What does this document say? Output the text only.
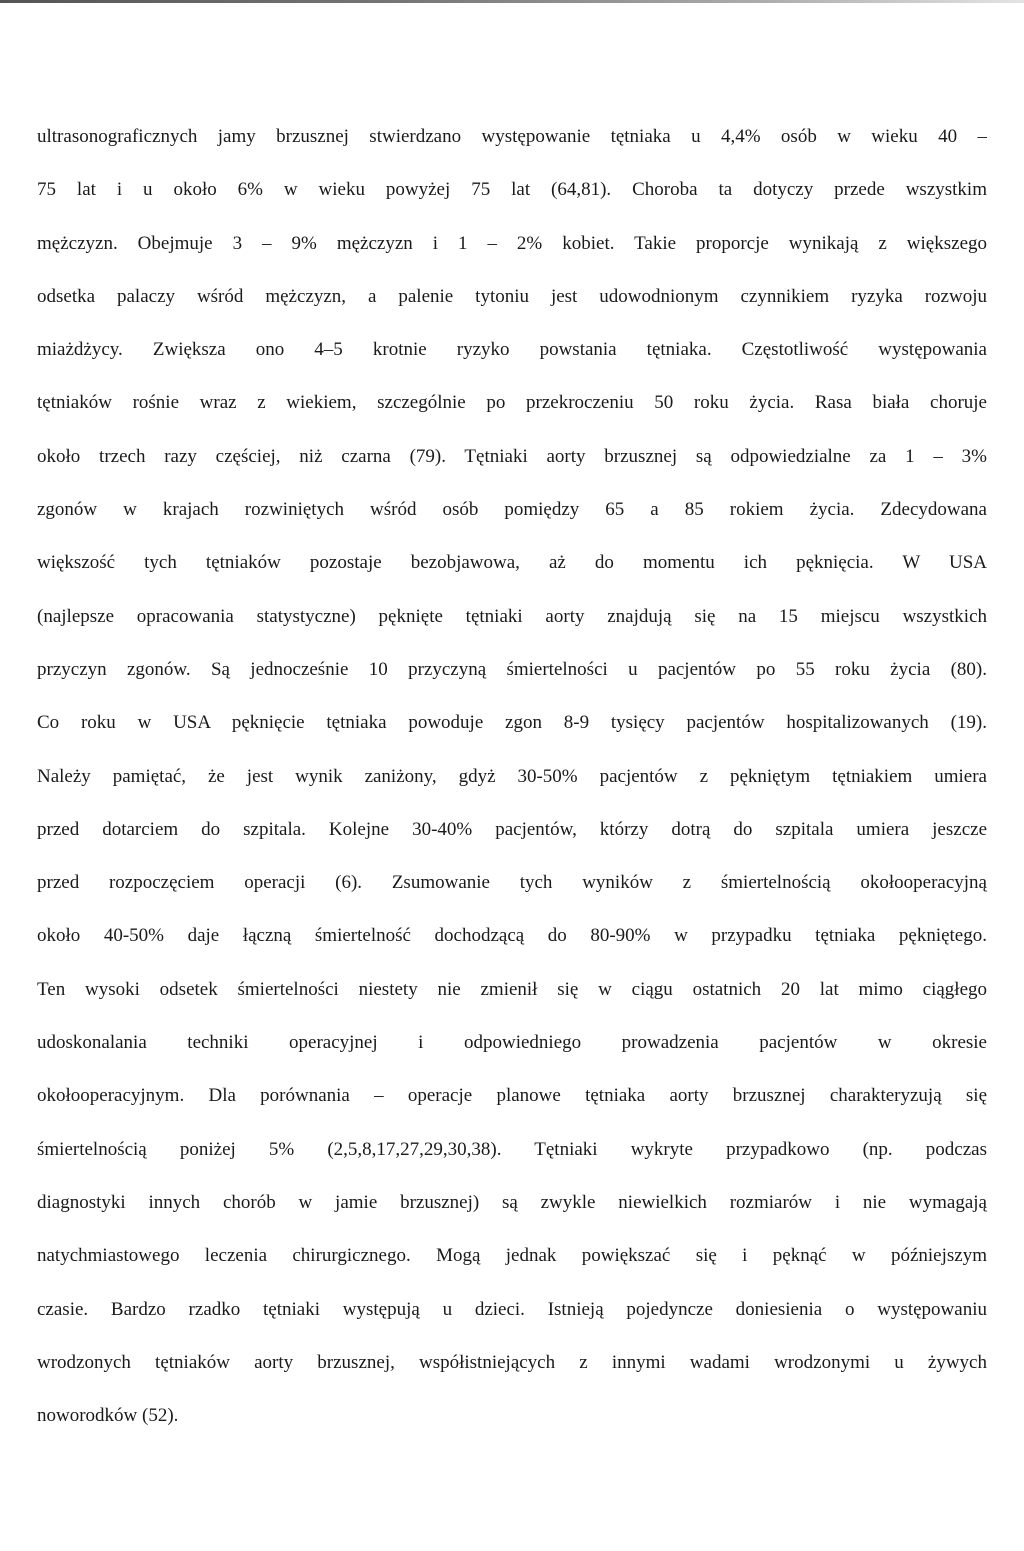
ultrasonograficznych jamy brzusznej stwierdzano występowanie tętniaka u 4,4% osób w wieku 40 –
75 lat i u około 6% w wieku powyżej 75 lat (64,81). Choroba ta dotyczy przede wszystkim
mężczyzn. Obejmuje 3 – 9% mężczyzn i 1 – 2% kobiet. Takie proporcje wynikają z większego
odsetka palaczy wśród mężczyzn, a palenie tytoniu jest udowodnionym czynnikiem ryzyka rozwoju
miażdżycy. Zwiększa ono 4–5 krotnie ryzyko powstania tętniaka. Częstotliwość występowania
tętniaków rośnie wraz z wiekiem, szczególnie po przekroczeniu 50 roku życia. Rasa biała choruje
około trzech razy częściej, niż czarna (79). Tętniaki aorty brzusznej są odpowiedzialne za 1 – 3%
zgonów w krajach rozwiniętych wśród osób pomiędzy 65 a 85 rokiem życia. Zdecydowana
większość tych tętniaków pozostaje bezobjawowa, aż do momentu ich pęknięcia. W USA
(najlepsze opracowania statystyczne) pęknięte tętniaki aorty znajdują się na 15 miejscu wszystkich
przyczyn zgonów. Są jednocześnie 10 przyczyną śmiertelności u pacjentów po 55 roku życia (80).
Co roku w USA pęknięcie tętniaka powoduje zgon 8-9 tysięcy pacjentów hospitalizowanych (19).
Należy pamiętać, że jest wynik zaniżony, gdyż 30-50% pacjentów z pękniętym tętniakiem umiera
przed dotarciem do szpitala. Kolejne 30-40% pacjentów, którzy dotrą do szpitala umiera jeszcze
przed rozpoczęciem operacji (6). Zsumowanie tych wyników z śmiertelnością okołooperacyjną
około 40-50% daje łączną śmiertelność dochodzącą do 80-90% w przypadku tętniaka pękniętego.
Ten wysoki odsetek śmiertelności niestety nie zmienił się w ciągu ostatnich 20 lat mimo ciągłego
udoskonalania techniki operacyjnej i odpowiedniego prowadzenia pacjentów w okresie
okołooperacyjnym. Dla porównania – operacje planowe tętniaka aorty brzusznej charakteryzują się
śmiertelnością poniżej 5% (2,5,8,17,27,29,30,38). Tętniaki wykryte przypadkowo (np. podczas
diagnostyki innych chorób w jamie brzusznej) są zwykle niewielkich rozmiarów i nie wymagają
natychmiastowego leczenia chirurgicznego. Mogą jednak powiększać się i pęknąć w późniejszym
czasie. Bardzo rzadko tętniaki występują u dzieci. Istnieją pojedyncze doniesienia o występowaniu
wrodzonych tętniaków aorty brzusznej, współistniejących z innymi wadami wrodzonymi u żywych
noworodków (52).
